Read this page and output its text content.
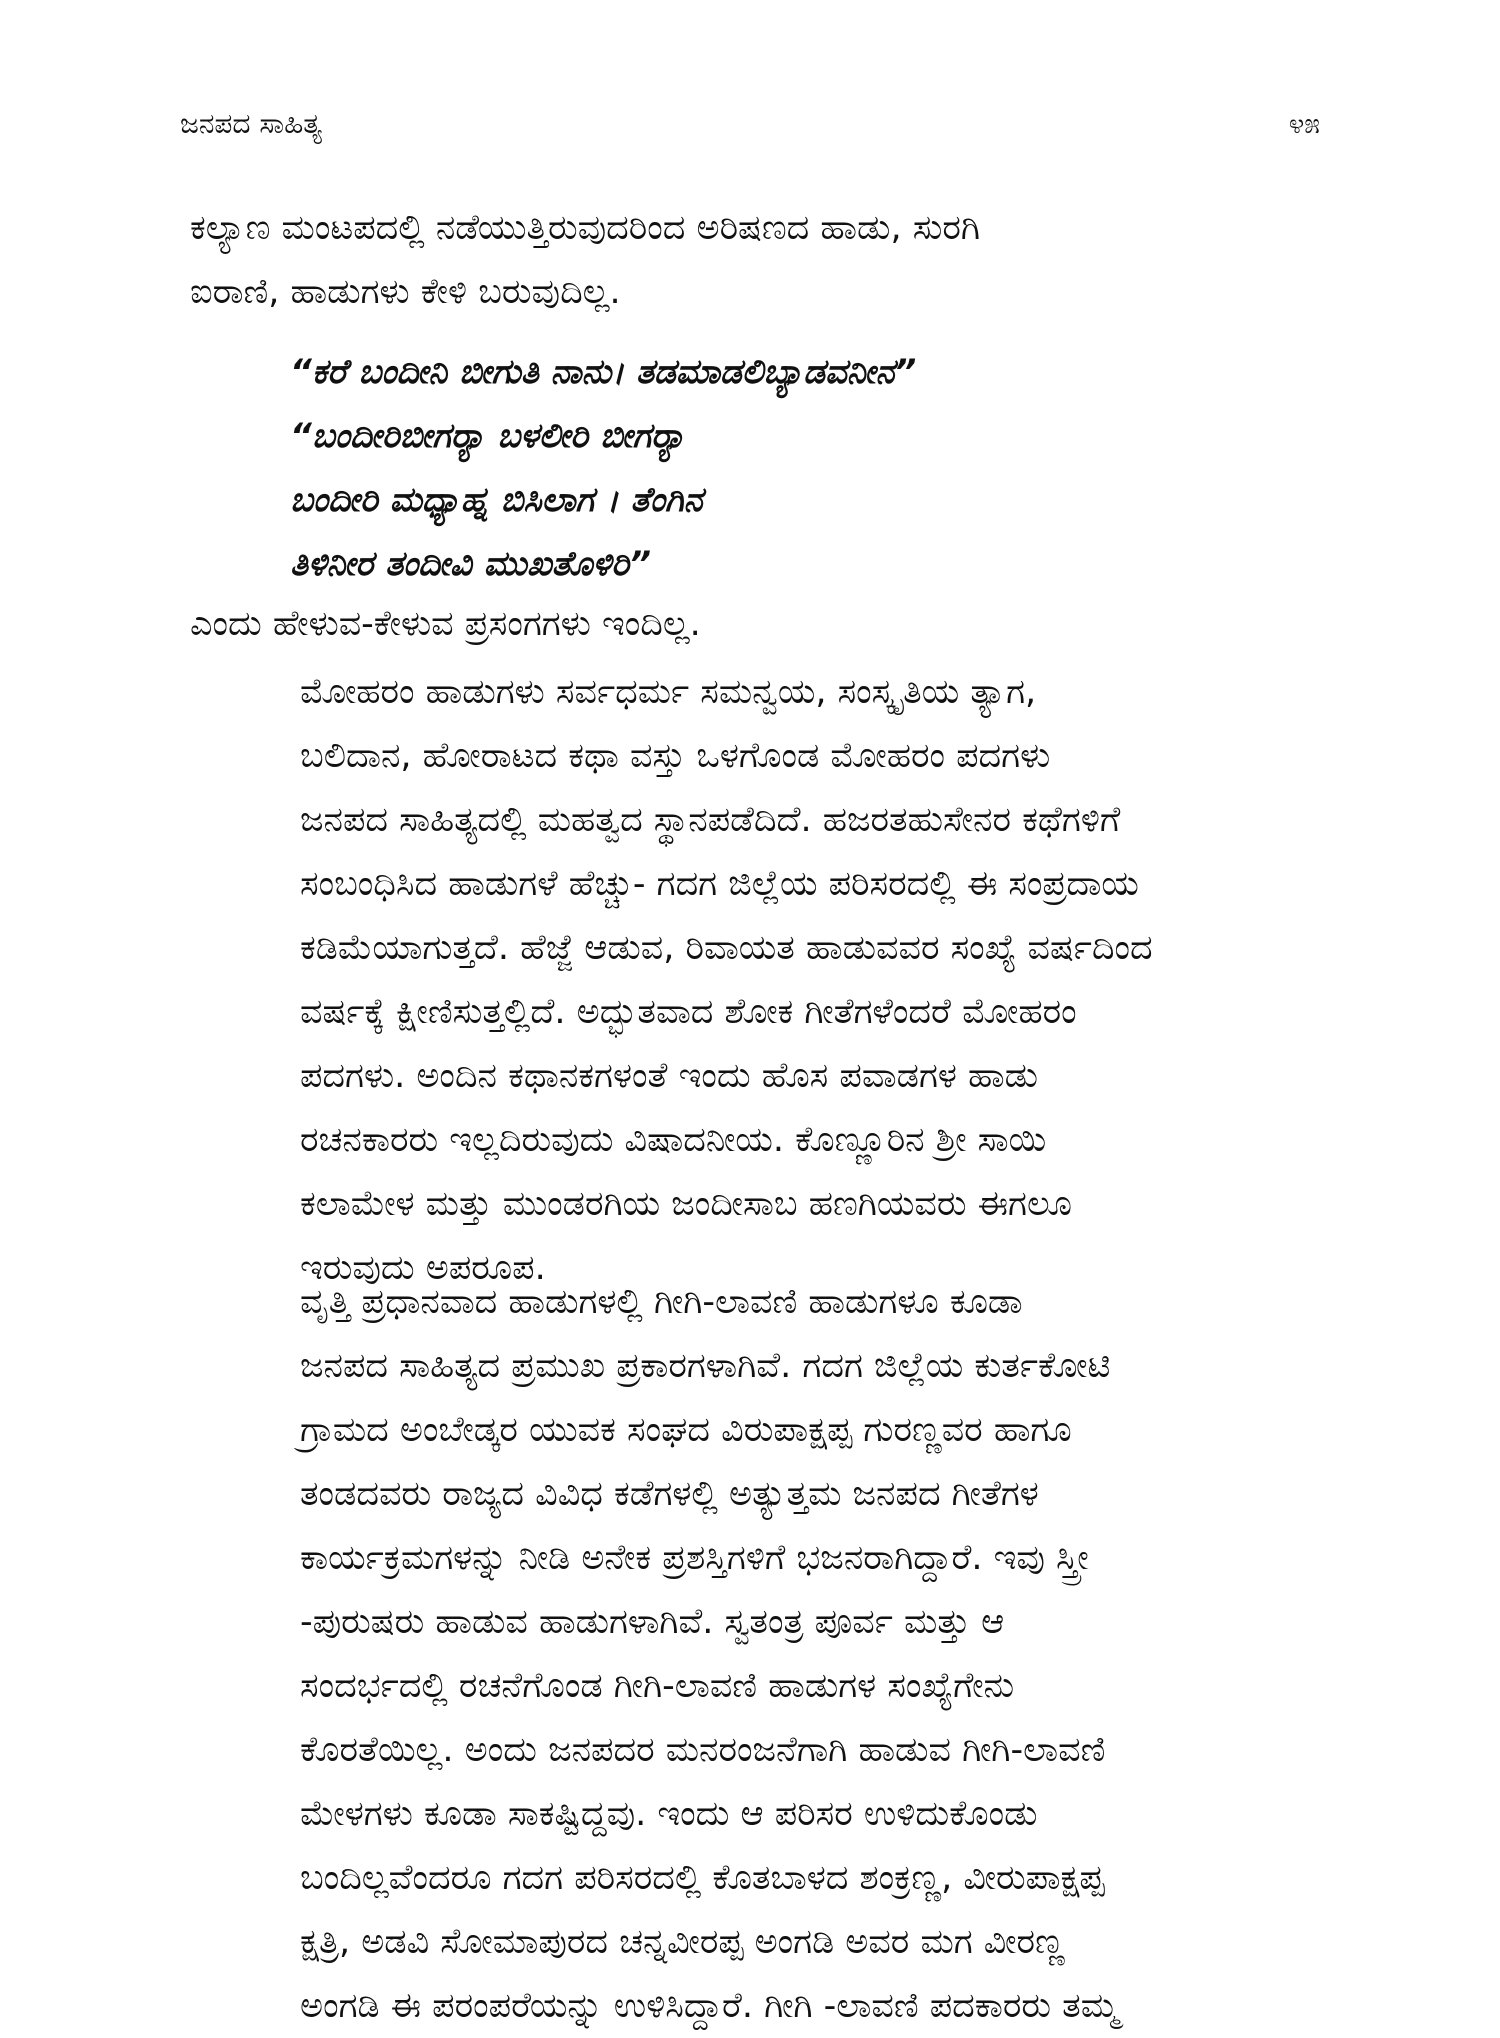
ಜನಪದ ಸಾಹಿತ್ಯ	೪೫
ಕಲ್ಯಾಣ ಮಂಟಪದಲ್ಲಿ ನಡೆಯುತ್ತಿರುವುದರಿಂದ ಅರಿಷಣದ ಹಾಡು, ಸುರಗಿ
ಐರಾಣಿ, ಹಾಡುಗಳು ಕೇಳಿ ಬರುವುದಿಲ್ಲ.
“ಕರೆ ಬಂದೀನಿ ಬೀಗುತಿ ನಾನು। ತಡಮಾಡಲಿಬ್ಯಾಡವನೀನ”
“ಬಂದೀರಿಬೀಗರ್‍ಯಾ ಬಳಲೀರಿ ಬೀಗರ್‍ಯಾ
ಬಂದೀರಿ ಮಧ್ಯಾಹ್ನ ಬಿಸಿಲಾಗ । ತೆಂಗಿನ
ತಿಳಿನೀರ ತಂದೀವಿ ಮುಖತೊಳಿರಿ”
ಎಂದು ಹೇಳುವ-ಕೇಳುವ ಪ್ರಸಂಗಗಳು ಇಂದಿಲ್ಲ.
ಮೋಹರಂ ಹಾಡುಗಳು ಸರ್ವಧರ್ಮ ಸಮನ್ವಯ, ಸಂಸ್ಕೃತಿಯ ತ್ಯಾಗ,

ಬಲಿದಾನ, ಹೋರಾಟದ ಕಥಾ ವಸ್ತು ಒಳಗೊಂಡ ಮೋಹರಂ ಪದಗಳು
ಜನಪದ ಸಾಹಿತ್ಯದಲ್ಲಿ ಮಹತ್ವದ ಸ್ಥಾನಪಡೆದಿದೆ. ಹಜರತಹುಸೇನರ ಕಥೆಗಳಿಗೆ
ಸಂಬಂಧಿಸಿದ ಹಾಡುಗಳೆ ಹೆಚ್ಚು- ಗದಗ ಜಿಲ್ಲೆಯ ಪರಿಸರದಲ್ಲಿ ಈ ಸಂಪ್ರದಾಯ
ಕಡಿಮೆಯಾಗುತ್ತದೆ. ಹೆಜ್ಜೆ ಆಡುವ, ರಿವಾಯತ ಹಾಡುವವರ ಸಂಖ್ಯೆ ವರ್ಷದಿಂದ
ವರ್ಷಕ್ಕೆ ಕ್ಷೀಣಿಸುತ್ತಲ್ಲಿದೆ. ಅದ್ಭುತವಾದ ಶೋಕ ಗೀತೆಗಳೆಂದರೆ ಮೋಹರಂ
ಪದಗಳು. ಅಂದಿನ ಕಥಾನಕಗಳಂತೆ ಇಂದು ಹೊಸ ಪವಾಡಗಳ ಹಾಡು
ರಚನಕಾರರು ಇಲ್ಲದಿರುವುದು ವಿಷಾದನೀಯ. ಕೊಣ್ಣೂರಿನ ಶ್ರೀ ಸಾಯಿ
ಕಲಾಮೇಳ ಮತ್ತು ಮುಂಡರಗಿಯ ಜಂದೀಸಾಬ ಹಣಗಿಯವರು ಈಗಲೂ
ಇರುವುದು ಅಪರೂಪ.
ವೃತ್ತಿ ಪ್ರಧಾನವಾದ ಹಾಡುಗಳಲ್ಲಿ ಗೀಗಿ-ಲಾವಣಿ ಹಾಡುಗಳೂ ಕೂಡಾ

ಜನಪದ ಸಾಹಿತ್ಯದ ಪ್ರಮುಖ ಪ್ರಕಾರಗಳಾಗಿವೆ. ಗದಗ ಜಿಲ್ಲೆಯ ಕುರ್ತಕೋಟಿ
ಗ್ರಾಮದ ಅಂಬೇಡ್ಕರ ಯುವಕ ಸಂಘದ ವಿರುಪಾಕ್ಷಪ್ಪ ಗುರಣ್ಣವರ ಹಾಗೂ
ತಂಡದವರು ರಾಜ್ಯದ ವಿವಿಧ ಕಡೆಗಳಲ್ಲಿ ಅತ್ಯುತ್ತಮ ಜನಪದ ಗೀತೆಗಳ
ಕಾರ್ಯಕ್ರಮಗಳನ್ನು ನೀಡಿ ಅನೇಕ ಪ್ರಶಸ್ತಿಗಳಿಗೆ ಭಜನರಾಗಿದ್ದಾರೆ. ಇವು ಸ್ತ್ರೀ
-ಪುರುಷರು ಹಾಡುವ ಹಾಡುಗಳಾಗಿವೆ. ಸ್ವತಂತ್ರ ಪೂರ್ವ ಮತ್ತು ಆ
ಸಂದರ್ಭದಲ್ಲಿ ರಚನೆಗೊಂಡ ಗೀಗಿ-ಲಾವಣಿ ಹಾಡುಗಳ ಸಂಖ್ಯೆಗೇನು
ಕೊರತೆಯಿಲ್ಲ. ಅಂದು ಜನಪದರ ಮನರಂಜನೆಗಾಗಿ ಹಾಡುವ ಗೀಗಿ-ಲಾವಣಿ
ಮೇಳಗಳು ಕೂಡಾ ಸಾಕಷ್ಟಿದ್ದವು. ಇಂದು ಆ ಪರಿಸರ ಉಳಿದುಕೊಂಡು
ಬಂದಿಲ್ಲವೆಂದರೂ ಗದಗ ಪರಿಸರದಲ್ಲಿ ಕೊತಬಾಳದ ಶಂಕ್ರಣ್ಣ, ವೀರುಪಾಕ್ಷಪ್ಪ
ಕ್ಷತ್ರಿ, ಅಡವಿ ಸೋಮಾಪುರದ ಚನ್ನವೀರಪ್ಪ ಅಂಗಡಿ ಅವರ ಮಗ ವೀರಣ್ಣ
ಅಂಗಡಿ ಈ ಪರಂಪರೆಯನ್ನು ಉಳಿಸಿದ್ದಾರೆ. ಗೀಗಿ -ಲಾವಣಿ ಪದಕಾರರು ತಮ್ಮ
